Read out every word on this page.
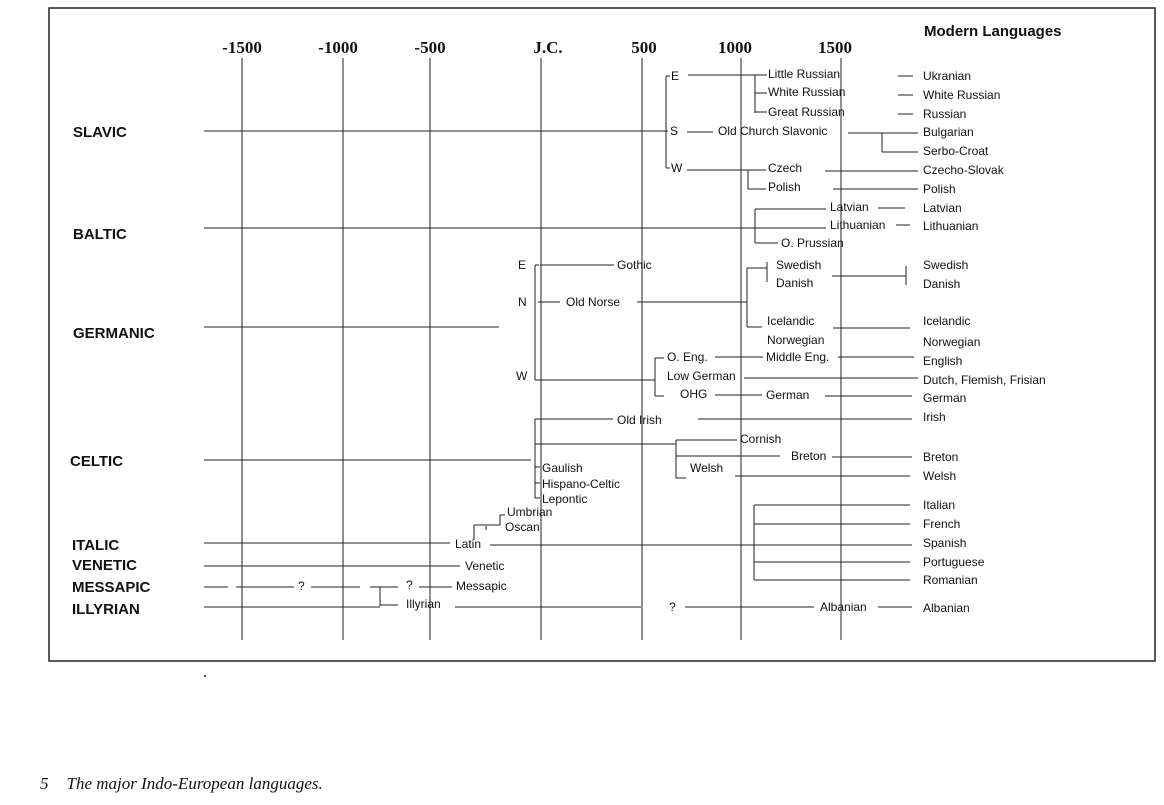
-1500	-1000	-500	J.C.	500	1000	1500
Modern Languages
SLAVIC
BALTIC
GERMANIC
CELTIC
ITALIC
VENETIC
MESSAPIC
ILLYRIAN
E
S
W
Little Russian
White Russian
Great Russian
Old Church Slavonic
Czech
Polish
Latvian
Lithuanian
O. Prussian
E
N
W
Gothic
Old Norse
Swedish
Danish
Icelandic
Norwegian
O. Eng.	Middle Eng.
Low German
OHG	German
Old Irish
Cornish
Breton
Welsh
Gaulish
Hispano-Celtic
Lepontic
Latin
Umbrian
Oscan
Venetic
?	?	Messapic
Illyrian	?	Albanian
Ukranian
White Russian
Russian
Bulgarian
Serbo-Croat
Czecho-Slovak
Polish
Latvian
Lithuanian
Swedish
Danish
Icelandic
Norwegian
English
Dutch, Flemish, Frisian
German
Irish
Breton
Welsh
Italian
French
Spanish
Portuguese
Romanian
Albanian

5 The major Indo-European languages.
